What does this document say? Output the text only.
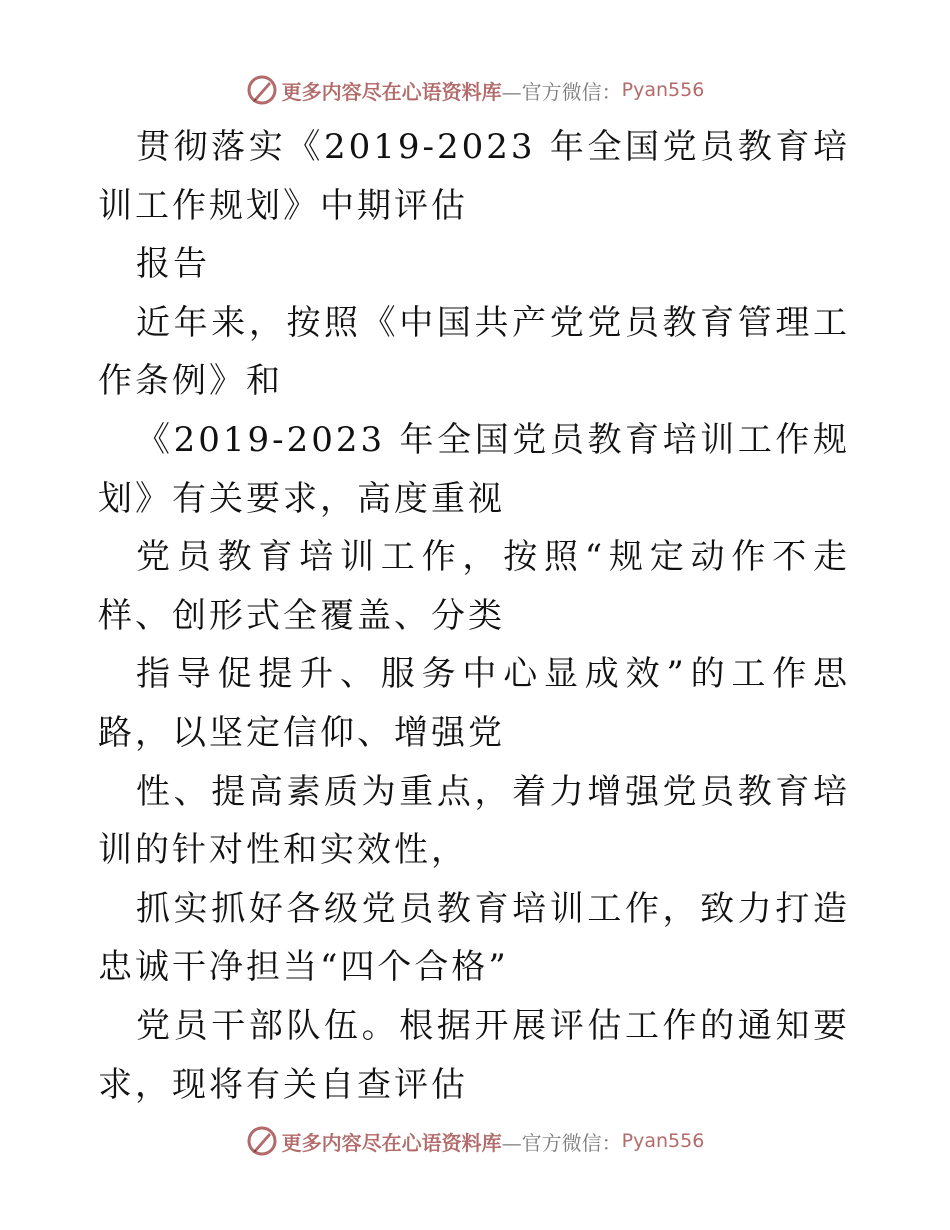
更多内容尽在心语资料库 —官方微信： Pyan556

贯彻落实《2019-2023 年全国党员教育培训工作规划》中期评估

报告

近年来，按照《中国共产党党员教育管理工作条例》和

《2019-2023 年全国党员教育培训工作规划》有关要求，高度重视

党员教育培训工作，按照“规定动作不走样、创形式全覆盖、分类

指导促提升、服务中心显成效”的工作思路，以坚定信仰、增强党

性、提高素质为重点，着力增强党员教育培训的针对性和实效性，

抓实抓好各级党员教育培训工作，致力打造忠诚干净担当“四个合格”

党员干部队伍。根据开展评估工作的通知要求，现将有关自查评估

更多内容尽在心语资料库 —官方微信： Pyan556
